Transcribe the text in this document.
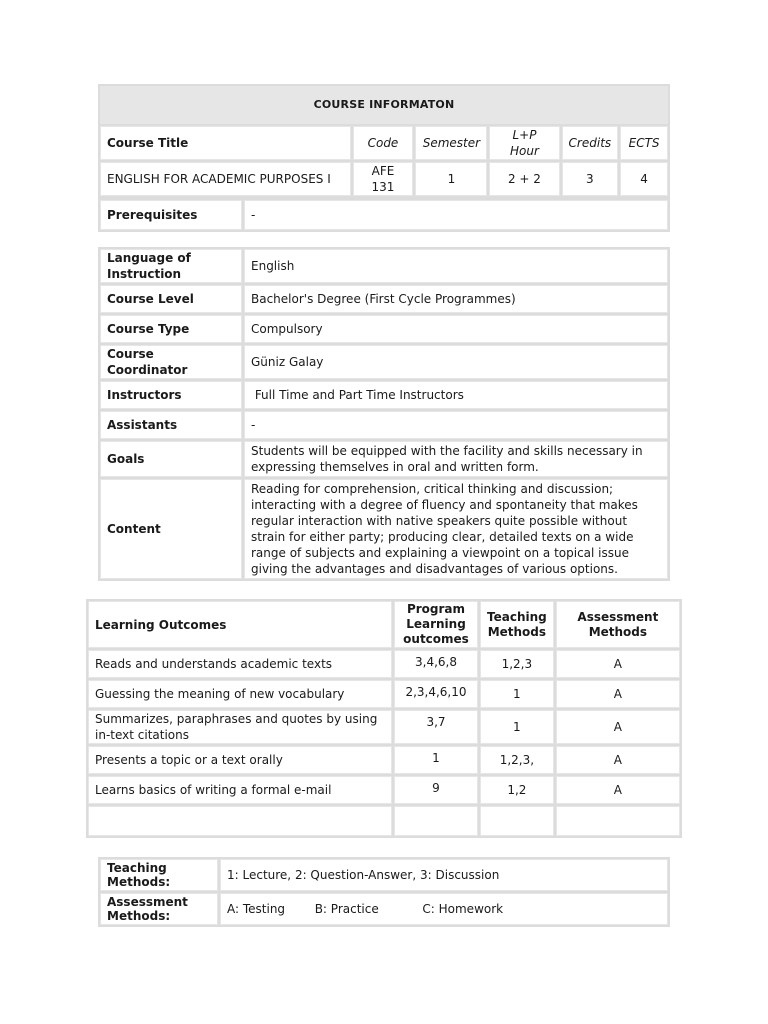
COURSE INFORMATON					
Course Title	Code	Semester	L+P Hour	Credits	ECTS
ENGLISH FOR ACADEMIC PURPOSES I	AFE 131	1	2 + 2	3	4
Prerequisites	-
Language of Instruction	English
Course Level	Bachelor's Degree (First Cycle Programmes)
Course Type	Compulsory
Course Coordinator	Güniz Galay
Instructors	Full Time and Part Time Instructors
Assistants	-
Goals	Students will be equipped with the facility and skills necessary in expressing themselves in oral and written form.
Content	Reading for comprehension, critical thinking and discussion; interacting with a degree of fluency and spontaneity that makes regular interaction with native speakers quite possible without strain for either party; producing clear, detailed texts on a wide range of subjects and explaining a viewpoint on a topical issue giving the advantages and disadvantages of various options.
Learning Outcomes	Program Learning outcomes	Teaching Methods	Assessment Methods
Reads and understands academic texts	3,4,6,8	1,2,3	A
Guessing the meaning of new vocabulary	2,3,4,6,10	1	A
Summarizes, paraphrases and quotes by using in-text citations	3,7	1	A
Presents a topic or a text orally	1	1,2,3,	A
Learns basics of writing a formal e-mail	9	1,2	A

Teaching Methods:	1: Lecture, 2: Question-Answer, 3: Discussion
Assessment Methods:	A: Testing B: Practice C: Homework
